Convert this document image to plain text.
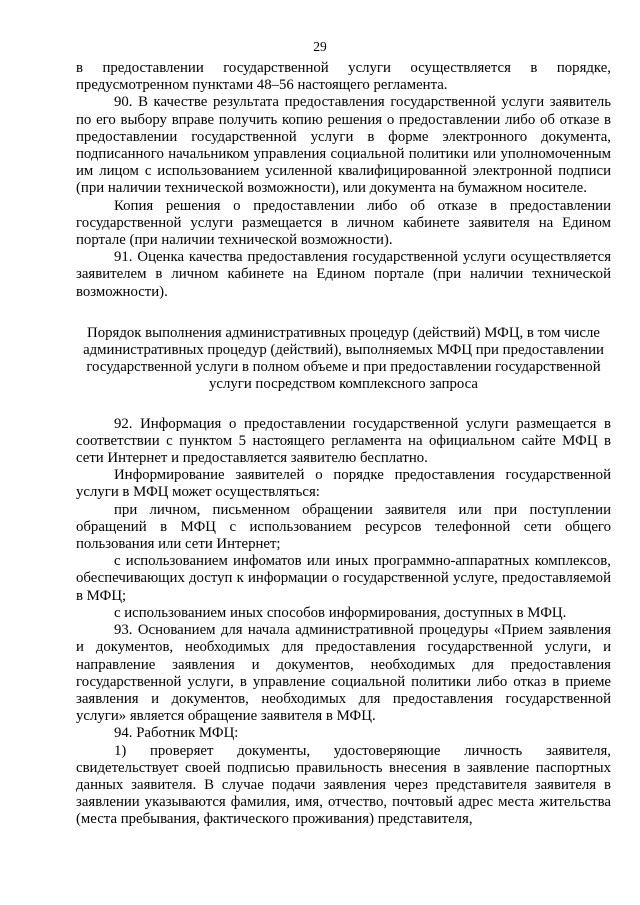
29

в предоставлении государственной услуги осуществляется в порядке, предусмотренном пунктами 48–56 настоящего регламента.

90. В качестве результата предоставления государственной услуги заявитель по его выбору вправе получить копию решения о предоставлении либо об отказе в предоставлении государственной услуги в форме электронного документа, подписанного начальником управления социальной политики или уполномоченным им лицом с использованием усиленной квалифицированной электронной подписи (при наличии технической возможности), или документа на бумажном носителе.

Копия решения о предоставлении либо об отказе в предоставлении государственной услуги размещается в личном кабинете заявителя на Едином портале (при наличии технической возможности).

91. Оценка качества предоставления государственной услуги осуществляется заявителем в личном кабинете на Едином портале (при наличии технической возможности).

Порядок выполнения административных процедур (действий) МФЦ, в том числе административных процедур (действий), выполняемых МФЦ при предоставлении государственной услуги в полном объеме и при предоставлении государственной услуги посредством комплексного запроса

92. Информация о предоставлении государственной услуги размещается в соответствии с пунктом 5 настоящего регламента на официальном сайте МФЦ в сети Интернет и предоставляется заявителю бесплатно.

Информирование заявителей о порядке предоставления государственной услуги в МФЦ может осуществляться:

при личном, письменном обращении заявителя или при поступлении обращений в МФЦ с использованием ресурсов телефонной сети общего пользования или сети Интернет;

с использованием инфоматов или иных программно-аппаратных комплексов, обеспечивающих доступ к информации о государственной услуге, предоставляемой в МФЦ;

с использованием иных способов информирования, доступных в МФЦ.

93. Основанием для начала административной процедуры «Прием заявления и документов, необходимых для предоставления государственной услуги, и направление заявления и документов, необходимых для предоставления государственной услуги, в управление социальной политики либо отказ в приеме заявления и документов, необходимых для предоставления государственной услуги» является обращение заявителя в МФЦ.

94. Работник МФЦ:

1) проверяет документы, удостоверяющие личность заявителя, свидетельствует своей подписью правильность внесения в заявление паспортных данных заявителя. В случае подачи заявления через представителя заявителя в заявлении указываются фамилия, имя, отчество, почтовый адрес места жительства (места пребывания, фактического проживания) представителя,
